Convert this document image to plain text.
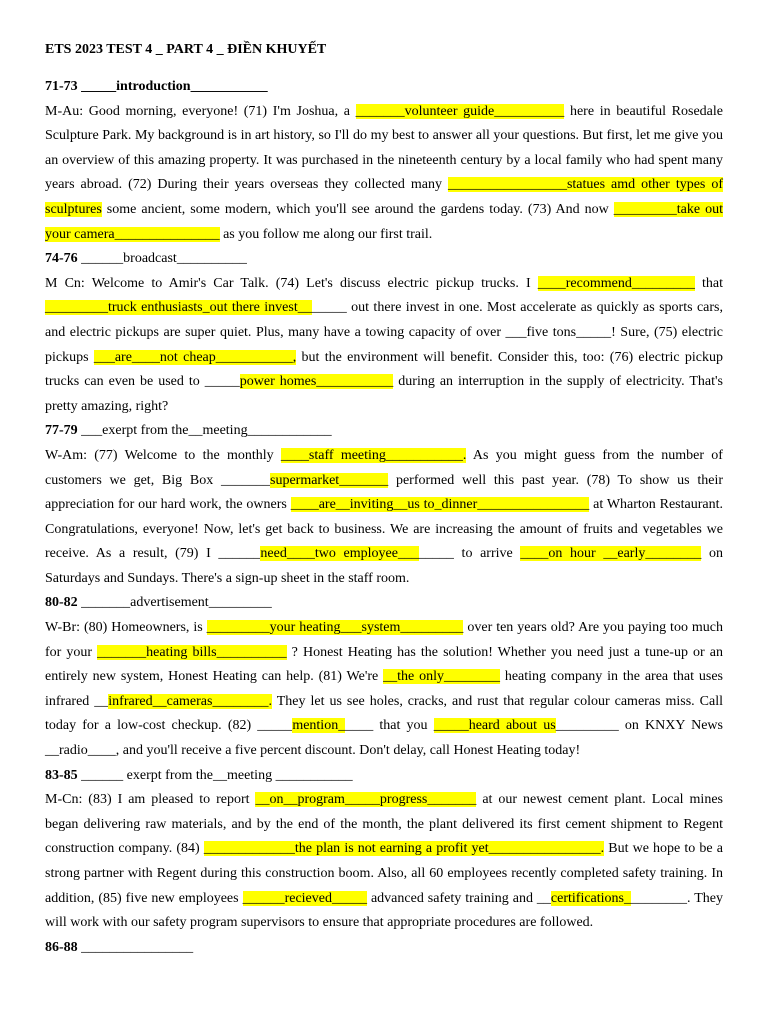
ETS 2023 TEST 4 _ PART 4 _ ĐIỀN KHUYẾT
71-73 _____introduction___________
M-Au: Good morning, everyone! (71) I'm Joshua, a _______volunteer guide__________ here in beautiful Rosedale Sculpture Park. My background is in art history, so I'll do my best to answer all your questions. But first, let me give you an overview of this amazing property. It was purchased in the nineteenth century by a local family who had spent many years abroad. (72) During their years overseas they collected many _________________statues amd other types of sculptures some ancient, some modern, which you'll see around the gardens today. (73) And now _________take out your camera_______________ as you follow me along our first trail.
74-76 ______broadcast__________
M Cn: Welcome to Amir's Car Talk. (74) Let's discuss electric pickup trucks. I ____recommend_________ that _________truck enthusiasts_out there invest_______ out there invest in one. Most accelerate as quickly as sports cars, and electric pickups are super quiet. Plus, many have a towing capacity of over ___five tons_____! Sure, (75) electric pickups ___are____not cheap___________, but the environment will benefit. Consider this, too: (76) electric pickup trucks can even be used to _____power homes___________ during an interruption in the supply of electricity. That's pretty amazing, right?
77-79 ___exerpt from the__meeting____________
W-Am: (77) Welcome to the monthly ____staff meeting___________. As you might guess from the number of customers we get, Big Box _______supermarket_______ performed well this past year. (78) To show us their appreciation for our hard work, the owners ____are__inviting__us to_dinner________________ at Wharton Restaurant. Congratulations, everyone! Now, let's get back to business. We are increasing the amount of fruits and vegetables we receive. As a result, (79) I ______need____two employee________ to arrive ____on hour __early________ on Saturdays and Sundays. There's a sign-up sheet in the staff room.
80-82 _______advertisement_________
W-Br: (80) Homeowners, is _________your heating___system_________ over ten years old? Are you paying too much for your _______heating bills__________ ? Honest Heating has the solution! Whether you need just a tune-up or an entirely new system, Honest Heating can help. (81) We're __the only________ heating company in the area that uses infrared __infrared__cameras________. They let us see holes, cracks, and rust that regular colour cameras miss. Call today for a low-cost checkup. (82) _____mention_____ that you _____heard about us_________ on KNXY News __radio____, and you'll receive a five percent discount. Don't delay, call Honest Heating today!
83-85 ______ exerpt from the__meeting ___________
M-Cn: (83) I am pleased to report __on__program_____progress_______ at our newest cement plant. Local mines began delivering raw materials, and by the end of the month, the plant delivered its first cement shipment to Regent construction company. (84) _____________the plan is not earning a profit yet________________. But we hope to be a strong partner with Regent during this construction boom. Also, all 60 employees recently completed safety training. In addition, (85) five new employees ______recieved_____ advanced safety training and __certifications_________. They will work with our safety program supervisors to ensure that appropriate procedures are followed.
86-88 ________________
